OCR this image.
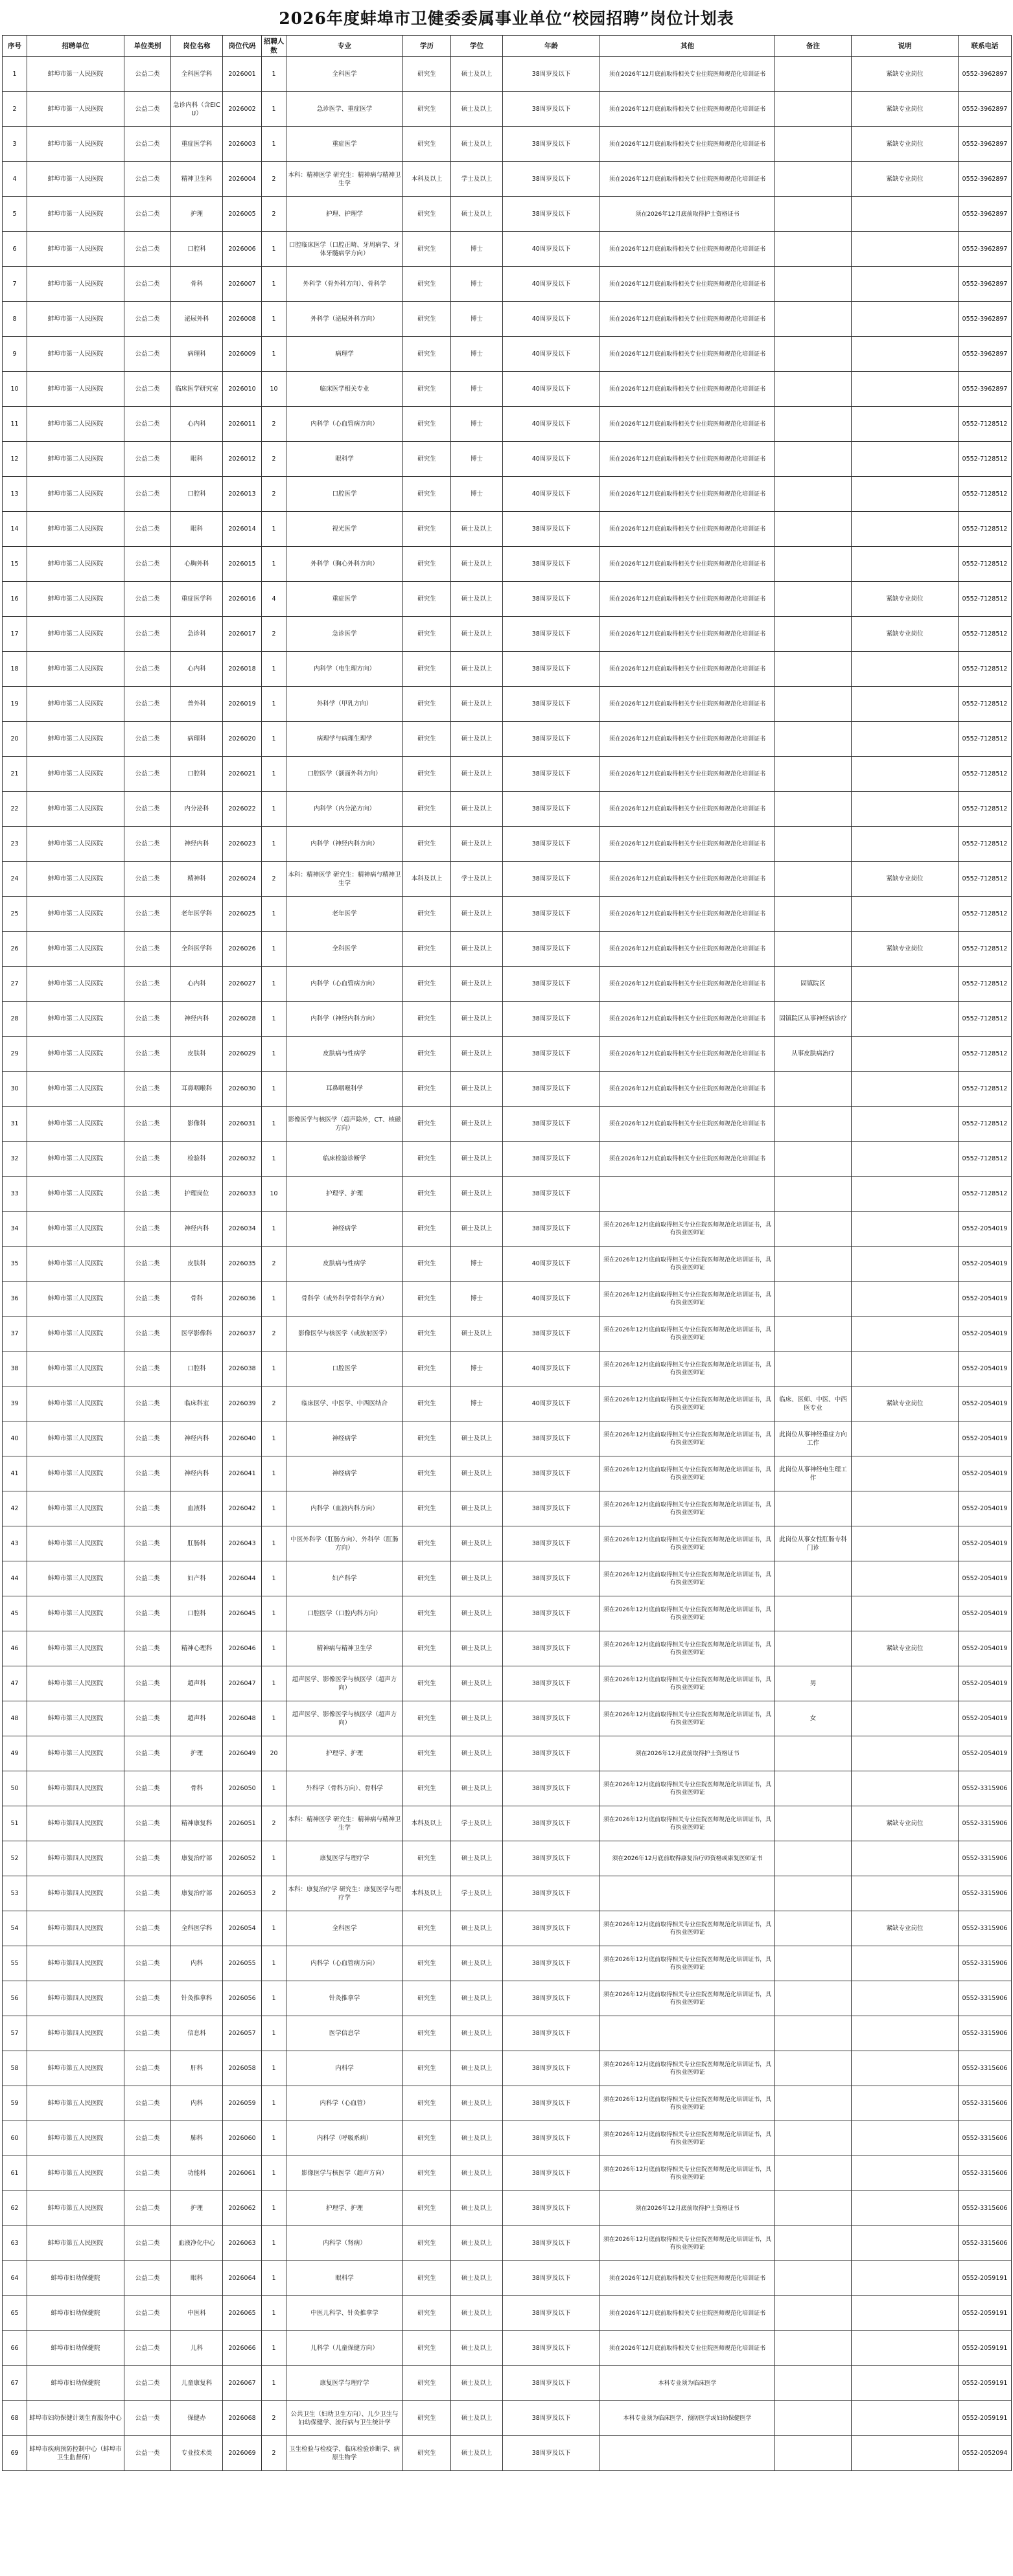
2026年度蚌埠市卫健委委属事业单位“校园招聘”岗位计划表
序号	招聘单位	单位类别	岗位名称	岗位代码	招聘人数	专业	学历	学位	年龄	其他	备注	说明	联系电话
1	蚌埠市第一人民医院	公益二类	全科医学科	2026001	1	全科医学	研究生	硕士及以上	38周岁及以下	须在2026年12月底前取得相关专业住院医师规范化培训证书		紧缺专业岗位	0552-3962897
2	蚌埠市第一人民医院	公益二类	急诊内科（含EICU）	2026002	1	急诊医学、重症医学	研究生	硕士及以上	38周岁及以下	须在2026年12月底前取得相关专业住院医师规范化培训证书		紧缺专业岗位	0552-3962897
3	蚌埠市第一人民医院	公益二类	重症医学科	2026003	1	重症医学	研究生	硕士及以上	38周岁及以下	须在2026年12月底前取得相关专业住院医师规范化培训证书		紧缺专业岗位	0552-3962897
4	蚌埠市第一人民医院	公益二类	精神卫生科	2026004	2	本科：精神医学 研究生：精神病与精神卫生学	本科及以上	学士及以上	38周岁及以下	须在2026年12月底前取得相关专业住院医师规范化培训证书		紧缺专业岗位	0552-3962897
5	蚌埠市第一人民医院	公益二类	护理	2026005	2	护理、护理学	研究生	硕士及以上	38周岁及以下	须在2026年12月底前取得护士资格证书			0552-3962897
6	蚌埠市第一人民医院	公益二类	口腔科	2026006	1	口腔临床医学（口腔正畸、牙周病学、牙体牙髓病学方向）	研究生	博士	40周岁及以下	须在2026年12月底前取得相关专业住院医师规范化培训证书			0552-3962897
7	蚌埠市第一人民医院	公益二类	骨科	2026007	1	外科学（骨外科方向）、骨科学	研究生	博士	40周岁及以下	须在2026年12月底前取得相关专业住院医师规范化培训证书			0552-3962897
8	蚌埠市第一人民医院	公益二类	泌尿外科	2026008	1	外科学（泌尿外科方向）	研究生	博士	40周岁及以下	须在2026年12月底前取得相关专业住院医师规范化培训证书			0552-3962897
9	蚌埠市第一人民医院	公益二类	病理科	2026009	1	病理学	研究生	博士	40周岁及以下	须在2026年12月底前取得相关专业住院医师规范化培训证书			0552-3962897
10	蚌埠市第一人民医院	公益二类	临床医学研究室	2026010	10	临床医学相关专业	研究生	博士	40周岁及以下	须在2026年12月底前取得相关专业住院医师规范化培训证书			0552-3962897
11	蚌埠市第二人民医院	公益二类	心内科	2026011	2	内科学（心血管病方向）	研究生	博士	40周岁及以下	须在2026年12月底前取得相关专业住院医师规范化培训证书			0552-7128512
12	蚌埠市第二人民医院	公益二类	眼科	2026012	2	眼科学	研究生	博士	40周岁及以下	须在2026年12月底前取得相关专业住院医师规范化培训证书			0552-7128512
13	蚌埠市第二人民医院	公益二类	口腔科	2026013	2	口腔医学	研究生	博士	40周岁及以下	须在2026年12月底前取得相关专业住院医师规范化培训证书			0552-7128512
14	蚌埠市第二人民医院	公益二类	眼科	2026014	1	视光医学	研究生	硕士及以上	38周岁及以下	须在2026年12月底前取得相关专业住院医师规范化培训证书			0552-7128512
15	蚌埠市第二人民医院	公益二类	心胸外科	2026015	1	外科学（胸心外科方向）	研究生	硕士及以上	38周岁及以下	须在2026年12月底前取得相关专业住院医师规范化培训证书			0552-7128512
16	蚌埠市第二人民医院	公益二类	重症医学科	2026016	4	重症医学	研究生	硕士及以上	38周岁及以下	须在2026年12月底前取得相关专业住院医师规范化培训证书		紧缺专业岗位	0552-7128512
17	蚌埠市第二人民医院	公益二类	急诊科	2026017	2	急诊医学	研究生	硕士及以上	38周岁及以下	须在2026年12月底前取得相关专业住院医师规范化培训证书		紧缺专业岗位	0552-7128512
18	蚌埠市第二人民医院	公益二类	心内科	2026018	1	内科学（电生理方向）	研究生	硕士及以上	38周岁及以下	须在2026年12月底前取得相关专业住院医师规范化培训证书			0552-7128512
19	蚌埠市第二人民医院	公益二类	普外科	2026019	1	外科学（甲乳方向）	研究生	硕士及以上	38周岁及以下	须在2026年12月底前取得相关专业住院医师规范化培训证书			0552-7128512
20	蚌埠市第二人民医院	公益二类	病理科	2026020	1	病理学与病理生理学	研究生	硕士及以上	38周岁及以下	须在2026年12月底前取得相关专业住院医师规范化培训证书			0552-7128512
21	蚌埠市第二人民医院	公益二类	口腔科	2026021	1	口腔医学（颌面外科方向）	研究生	硕士及以上	38周岁及以下	须在2026年12月底前取得相关专业住院医师规范化培训证书			0552-7128512
22	蚌埠市第二人民医院	公益二类	内分泌科	2026022	1	内科学（内分泌方向）	研究生	硕士及以上	38周岁及以下	须在2026年12月底前取得相关专业住院医师规范化培训证书			0552-7128512
23	蚌埠市第二人民医院	公益二类	神经内科	2026023	1	内科学（神经内科方向）	研究生	硕士及以上	38周岁及以下	须在2026年12月底前取得相关专业住院医师规范化培训证书			0552-7128512
24	蚌埠市第二人民医院	公益二类	精神科	2026024	2	本科：精神医学 研究生：精神病与精神卫生学	本科及以上	学士及以上	38周岁及以下	须在2026年12月底前取得相关专业住院医师规范化培训证书		紧缺专业岗位	0552-7128512
25	蚌埠市第二人民医院	公益二类	老年医学科	2026025	1	老年医学	研究生	硕士及以上	38周岁及以下	须在2026年12月底前取得相关专业住院医师规范化培训证书			0552-7128512
26	蚌埠市第二人民医院	公益二类	全科医学科	2026026	1	全科医学	研究生	硕士及以上	38周岁及以下	须在2026年12月底前取得相关专业住院医师规范化培训证书		紧缺专业岗位	0552-7128512
27	蚌埠市第二人民医院	公益二类	心内科	2026027	1	内科学（心血管病方向）	研究生	硕士及以上	38周岁及以下	须在2026年12月底前取得相关专业住院医师规范化培训证书	固镇院区		0552-7128512
28	蚌埠市第二人民医院	公益二类	神经内科	2026028	1	内科学（神经内科方向）	研究生	硕士及以上	38周岁及以下	须在2026年12月底前取得相关专业住院医师规范化培训证书	固镇院区从事神经病诊疗		0552-7128512
29	蚌埠市第二人民医院	公益二类	皮肤科	2026029	1	皮肤病与性病学	研究生	硕士及以上	38周岁及以下	须在2026年12月底前取得相关专业住院医师规范化培训证书	从事皮肤病治疗		0552-7128512
30	蚌埠市第二人民医院	公益二类	耳鼻咽喉科	2026030	1	耳鼻咽喉科学	研究生	硕士及以上	38周岁及以下	须在2026年12月底前取得相关专业住院医师规范化培训证书			0552-7128512
31	蚌埠市第二人民医院	公益二类	影像科	2026031	1	影像医学与核医学（超声除外，CT、核磁方向）	研究生	硕士及以上	38周岁及以下	须在2026年12月底前取得相关专业住院医师规范化培训证书			0552-7128512
32	蚌埠市第二人民医院	公益二类	检验科	2026032	1	临床检验诊断学	研究生	硕士及以上	38周岁及以下	须在2026年12月底前取得相关专业住院医师规范化培训证书			0552-7128512
33	蚌埠市第二人民医院	公益二类	护理岗位	2026033	10	护理学、护理	研究生	硕士及以上	38周岁及以下				0552-7128512
34	蚌埠市第三人民医院	公益二类	神经内科	2026034	1	神经病学	研究生	硕士及以上	38周岁及以下	须在2026年12月底前取得相关专业住院医师规范化培训证书，具有执业医师证			0552-2054019
35	蚌埠市第三人民医院	公益二类	皮肤科	2026035	2	皮肤病与性病学	研究生	博士	40周岁及以下	须在2026年12月底前取得相关专业住院医师规范化培训证书，具有执业医师证			0552-2054019
36	蚌埠市第三人民医院	公益二类	骨科	2026036	1	骨科学（或外科学骨科学方向）	研究生	博士	40周岁及以下	须在2026年12月底前取得相关专业住院医师规范化培训证书，具有执业医师证			0552-2054019
37	蚌埠市第三人民医院	公益二类	医学影像科	2026037	2	影像医学与核医学（或放射医学）	研究生	硕士及以上	38周岁及以下	须在2026年12月底前取得相关专业住院医师规范化培训证书，具有执业医师证			0552-2054019
38	蚌埠市第三人民医院	公益二类	口腔科	2026038	1	口腔医学	研究生	博士	40周岁及以下	须在2026年12月底前取得相关专业住院医师规范化培训证书，具有执业医师证			0552-2054019
39	蚌埠市第三人民医院	公益二类	临床科室	2026039	2	临床医学、中医学、中西医结合	研究生	博士	40周岁及以下	须在2026年12月底前取得相关专业住院医师规范化培训证书，具有执业医师证	临床、医师、中医、中西医专业	紧缺专业岗位	0552-2054019
40	蚌埠市第三人民医院	公益二类	神经内科	2026040	1	神经病学	研究生	硕士及以上	38周岁及以下	须在2026年12月底前取得相关专业住院医师规范化培训证书，具有执业医师证	此岗位从事神经重症方向工作		0552-2054019
41	蚌埠市第三人民医院	公益二类	神经内科	2026041	1	神经病学	研究生	硕士及以上	38周岁及以下	须在2026年12月底前取得相关专业住院医师规范化培训证书，具有执业医师证	此岗位从事神经电生理工作		0552-2054019
42	蚌埠市第三人民医院	公益二类	血液科	2026042	1	内科学（血液内科方向）	研究生	硕士及以上	38周岁及以下	须在2026年12月底前取得相关专业住院医师规范化培训证书，具有执业医师证			0552-2054019
43	蚌埠市第三人民医院	公益二类	肛肠科	2026043	1	中医外科学（肛肠方向）、外科学（肛肠方向）	研究生	硕士及以上	38周岁及以下	须在2026年12月底前取得相关专业住院医师规范化培训证书，具有执业医师证	此岗位从事女性肛肠专科门诊		0552-2054019
44	蚌埠市第三人民医院	公益二类	妇产科	2026044	1	妇产科学	研究生	硕士及以上	38周岁及以下	须在2026年12月底前取得相关专业住院医师规范化培训证书，具有执业医师证			0552-2054019
45	蚌埠市第三人民医院	公益二类	口腔科	2026045	1	口腔医学（口腔内科方向）	研究生	硕士及以上	38周岁及以下	须在2026年12月底前取得相关专业住院医师规范化培训证书，具有执业医师证			0552-2054019
46	蚌埠市第三人民医院	公益二类	精神心理科	2026046	1	精神病与精神卫生学	研究生	硕士及以上	38周岁及以下	须在2026年12月底前取得相关专业住院医师规范化培训证书，具有执业医师证		紧缺专业岗位	0552-2054019
47	蚌埠市第三人民医院	公益二类	超声科	2026047	1	超声医学、影像医学与核医学（超声方向）	研究生	硕士及以上	38周岁及以下	须在2026年12月底前取得相关专业住院医师规范化培训证书，具有执业医师证	男		0552-2054019
48	蚌埠市第三人民医院	公益二类	超声科	2026048	1	超声医学、影像医学与核医学（超声方向）	研究生	硕士及以上	38周岁及以下	须在2026年12月底前取得相关专业住院医师规范化培训证书，具有执业医师证	女		0552-2054019
49	蚌埠市第三人民医院	公益二类	护理	2026049	20	护理学、护理	研究生	硕士及以上	38周岁及以下	须在2026年12月底前取得护士资格证书			0552-2054019
50	蚌埠市第四人民医院	公益二类	骨科	2026050	1	外科学（骨科方向）、骨科学	研究生	硕士及以上	38周岁及以下	须在2026年12月底前取得相关专业住院医师规范化培训证书，具有执业医师证			0552-3315906
51	蚌埠市第四人民医院	公益二类	精神康复科	2026051	2	本科：精神医学 研究生：精神病与精神卫生学	本科及以上	学士及以上	38周岁及以下	须在2026年12月底前取得相关专业住院医师规范化培训证书，具有执业医师证		紧缺专业岗位	0552-3315906
52	蚌埠市第四人民医院	公益二类	康复治疗部	2026052	1	康复医学与理疗学	研究生	硕士及以上	38周岁及以下	须在2026年12月底前取得康复治疗师资格或康复医师证书			0552-3315906
53	蚌埠市第四人民医院	公益二类	康复治疗部	2026053	2	本科：康复治疗学 研究生：康复医学与理疗学	本科及以上	学士及以上	38周岁及以下				0552-3315906
54	蚌埠市第四人民医院	公益二类	全科医学科	2026054	1	全科医学	研究生	硕士及以上	38周岁及以下	须在2026年12月底前取得相关专业住院医师规范化培训证书，具有执业医师证		紧缺专业岗位	0552-3315906
55	蚌埠市第四人民医院	公益二类	内科	2026055	1	内科学（心血管病方向）	研究生	硕士及以上	38周岁及以下	须在2026年12月底前取得相关专业住院医师规范化培训证书，具有执业医师证			0552-3315906
56	蚌埠市第四人民医院	公益二类	针灸推拿科	2026056	1	针灸推拿学	研究生	硕士及以上	38周岁及以下	须在2026年12月底前取得相关专业住院医师规范化培训证书，具有执业医师证			0552-3315906
57	蚌埠市第四人民医院	公益二类	信息科	2026057	1	医学信息学	研究生	硕士及以上	38周岁及以下				0552-3315906
58	蚌埠市第五人民医院	公益二类	肝科	2026058	1	内科学	研究生	硕士及以上	38周岁及以下	须在2026年12月底前取得相关专业住院医师规范化培训证书，具有执业医师证			0552-3315606
59	蚌埠市第五人民医院	公益二类	内科	2026059	1	内科学（心血管）	研究生	硕士及以上	38周岁及以下	须在2026年12月底前取得相关专业住院医师规范化培训证书，具有执业医师证			0552-3315606
60	蚌埠市第五人民医院	公益二类	肺科	2026060	1	内科学（呼吸系病）	研究生	硕士及以上	38周岁及以下	须在2026年12月底前取得相关专业住院医师规范化培训证书，具有执业医师证			0552-3315606
61	蚌埠市第五人民医院	公益二类	功能科	2026061	1	影像医学与核医学（超声方向）	研究生	硕士及以上	38周岁及以下	须在2026年12月底前取得相关专业住院医师规范化培训证书，具有执业医师证			0552-3315606
62	蚌埠市第五人民医院	公益二类	护理	2026062	1	护理学、护理	研究生	硕士及以上	38周岁及以下	须在2026年12月底前取得护士资格证书			0552-3315606
63	蚌埠市第五人民医院	公益二类	血液净化中心	2026063	1	内科学（肾病）	研究生	硕士及以上	38周岁及以下	须在2026年12月底前取得相关专业住院医师规范化培训证书，具有执业医师证			0552-3315606
64	蚌埠市妇幼保健院	公益二类	眼科	2026064	1	眼科学	研究生	硕士及以上	38周岁及以下	须在2026年12月底前取得相关专业住院医师规范化培训证书			0552-2059191
65	蚌埠市妇幼保健院	公益二类	中医科	2026065	1	中医儿科学、针灸推拿学	研究生	硕士及以上	38周岁及以下	须在2026年12月底前取得相关专业住院医师规范化培训证书			0552-2059191
66	蚌埠市妇幼保健院	公益二类	儿科	2026066	1	儿科学（儿童保健方向）	研究生	硕士及以上	38周岁及以下	须在2026年12月底前取得相关专业住院医师规范化培训证书			0552-2059191
67	蚌埠市妇幼保健院	公益二类	儿童康复科	2026067	1	康复医学与理疗学	研究生	硕士及以上	38周岁及以下	本科专业须为临床医学			0552-2059191
68	蚌埠市妇幼保健计划生育服务中心	公益一类	保健办	2026068	2	公共卫生（妇幼卫生方向）、儿少卫生与妇幼保健学、流行病与卫生统计学	研究生	硕士及以上	38周岁及以下	本科专业须为临床医学，预防医学或妇幼保健医学			0552-2059191
69	蚌埠市疾病预防控制中心（蚌埠市卫生监督所）	公益一类	专业技术类	2026069	2	卫生检验与检疫学、临床检验诊断学、病原生物学	研究生	硕士及以上	38周岁及以下				0552-2052094
